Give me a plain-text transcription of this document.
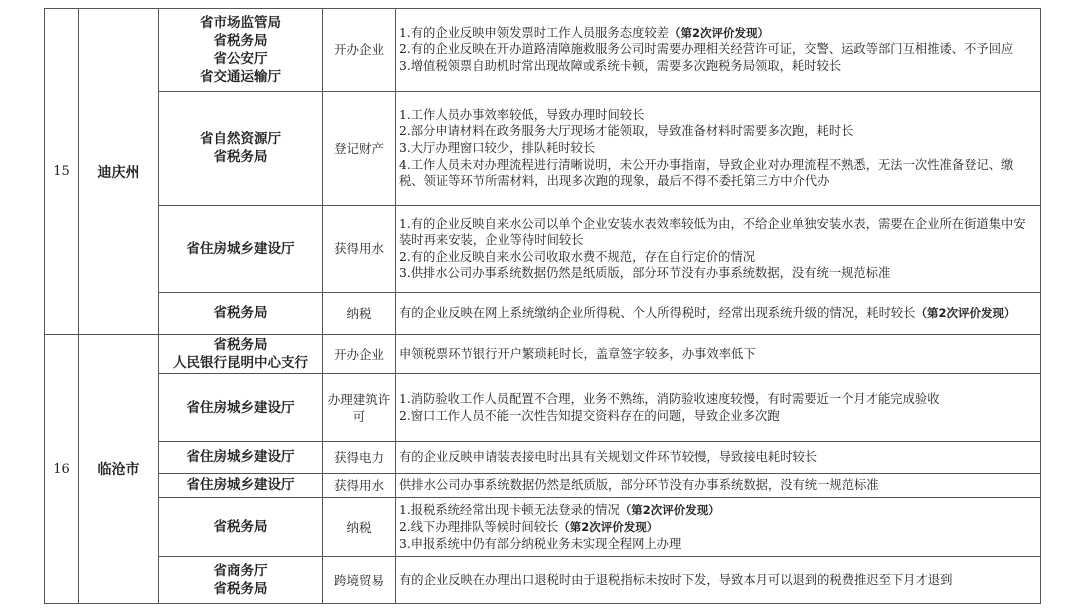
15	迪庆州	省市场监管局
省税务局
省公安厅
省交通运输厅	开办企业	1.有的企业反映申领发票时工作人员服务态度较差（第2次评价发现）
2.有的企业反映在开办道路清障施救服务公司时需要办理相关经营许可证，交警、运政等部门互相推诿、不予回应
3.增值税领票自助机时常出现故障或系统卡顿，需要多次跑税务局领取，耗时较长

		省自然资源厅
省税务局	登记财产	1.工作人员办事效率较低，导致办理时间较长
2.部分申请材料在政务服务大厅现场才能领取，导致准备材料时需要多次跑，耗时长
3.大厅办理窗口较少，排队耗时较长
4.工作人员未对办理流程进行清晰说明，未公开办事指南，导致企业对办理流程不熟悉，无法一次性准备登记、缴税、领证等环节所需材料，出现多次跑的现象，最后不得不委托第三方中介代办

		省住房城乡建设厅	获得用水	1.有的企业反映自来水公司以单个企业安装水表效率较低为由，不给企业单独安装水表，需要在企业所在街道集中安装时再来安装，企业等待时间较长
2.有的企业反映自来水公司收取水费不规范，存在自行定价的情况
3.供排水公司办事系统数据仍然是纸质版，部分环节没有办事系统数据，没有统一规范标准

		省税务局	纳税	有的企业反映在网上系统缴纳企业所得税、个人所得税时，经常出现系统升级的情况，耗时较长（第2次评价发现）

16	临沧市	省税务局
人民银行昆明中心支行	开办企业	申领税票环节银行开户繁琐耗时长，盖章签字较多，办事效率低下

		省住房城乡建设厅	办理建筑许可	1.消防验收工作人员配置不合理，业务不熟练，消防验收速度较慢，有时需要近一个月才能完成验收
2.窗口工作人员不能一次性告知提交资料存在的问题，导致企业多次跑

		省住房城乡建设厅	获得电力	有的企业反映申请装表接电时出具有关规划文件环节较慢，导致接电耗时较长

		省住房城乡建设厅	获得用水	供排水公司办事系统数据仍然是纸质版，部分环节没有办事系统数据，没有统一规范标准

		省税务局	纳税	1.报税系统经常出现卡顿无法登录的情况（第2次评价发现）
2.线下办理排队等候时间较长（第2次评价发现）
3.申报系统中仍有部分纳税业务未实现全程网上办理

		省商务厅
省税务局	跨境贸易	有的企业反映在办理出口退税时由于退税指标未按时下发，导致本月可以退到的税费推迟至下月才退到
